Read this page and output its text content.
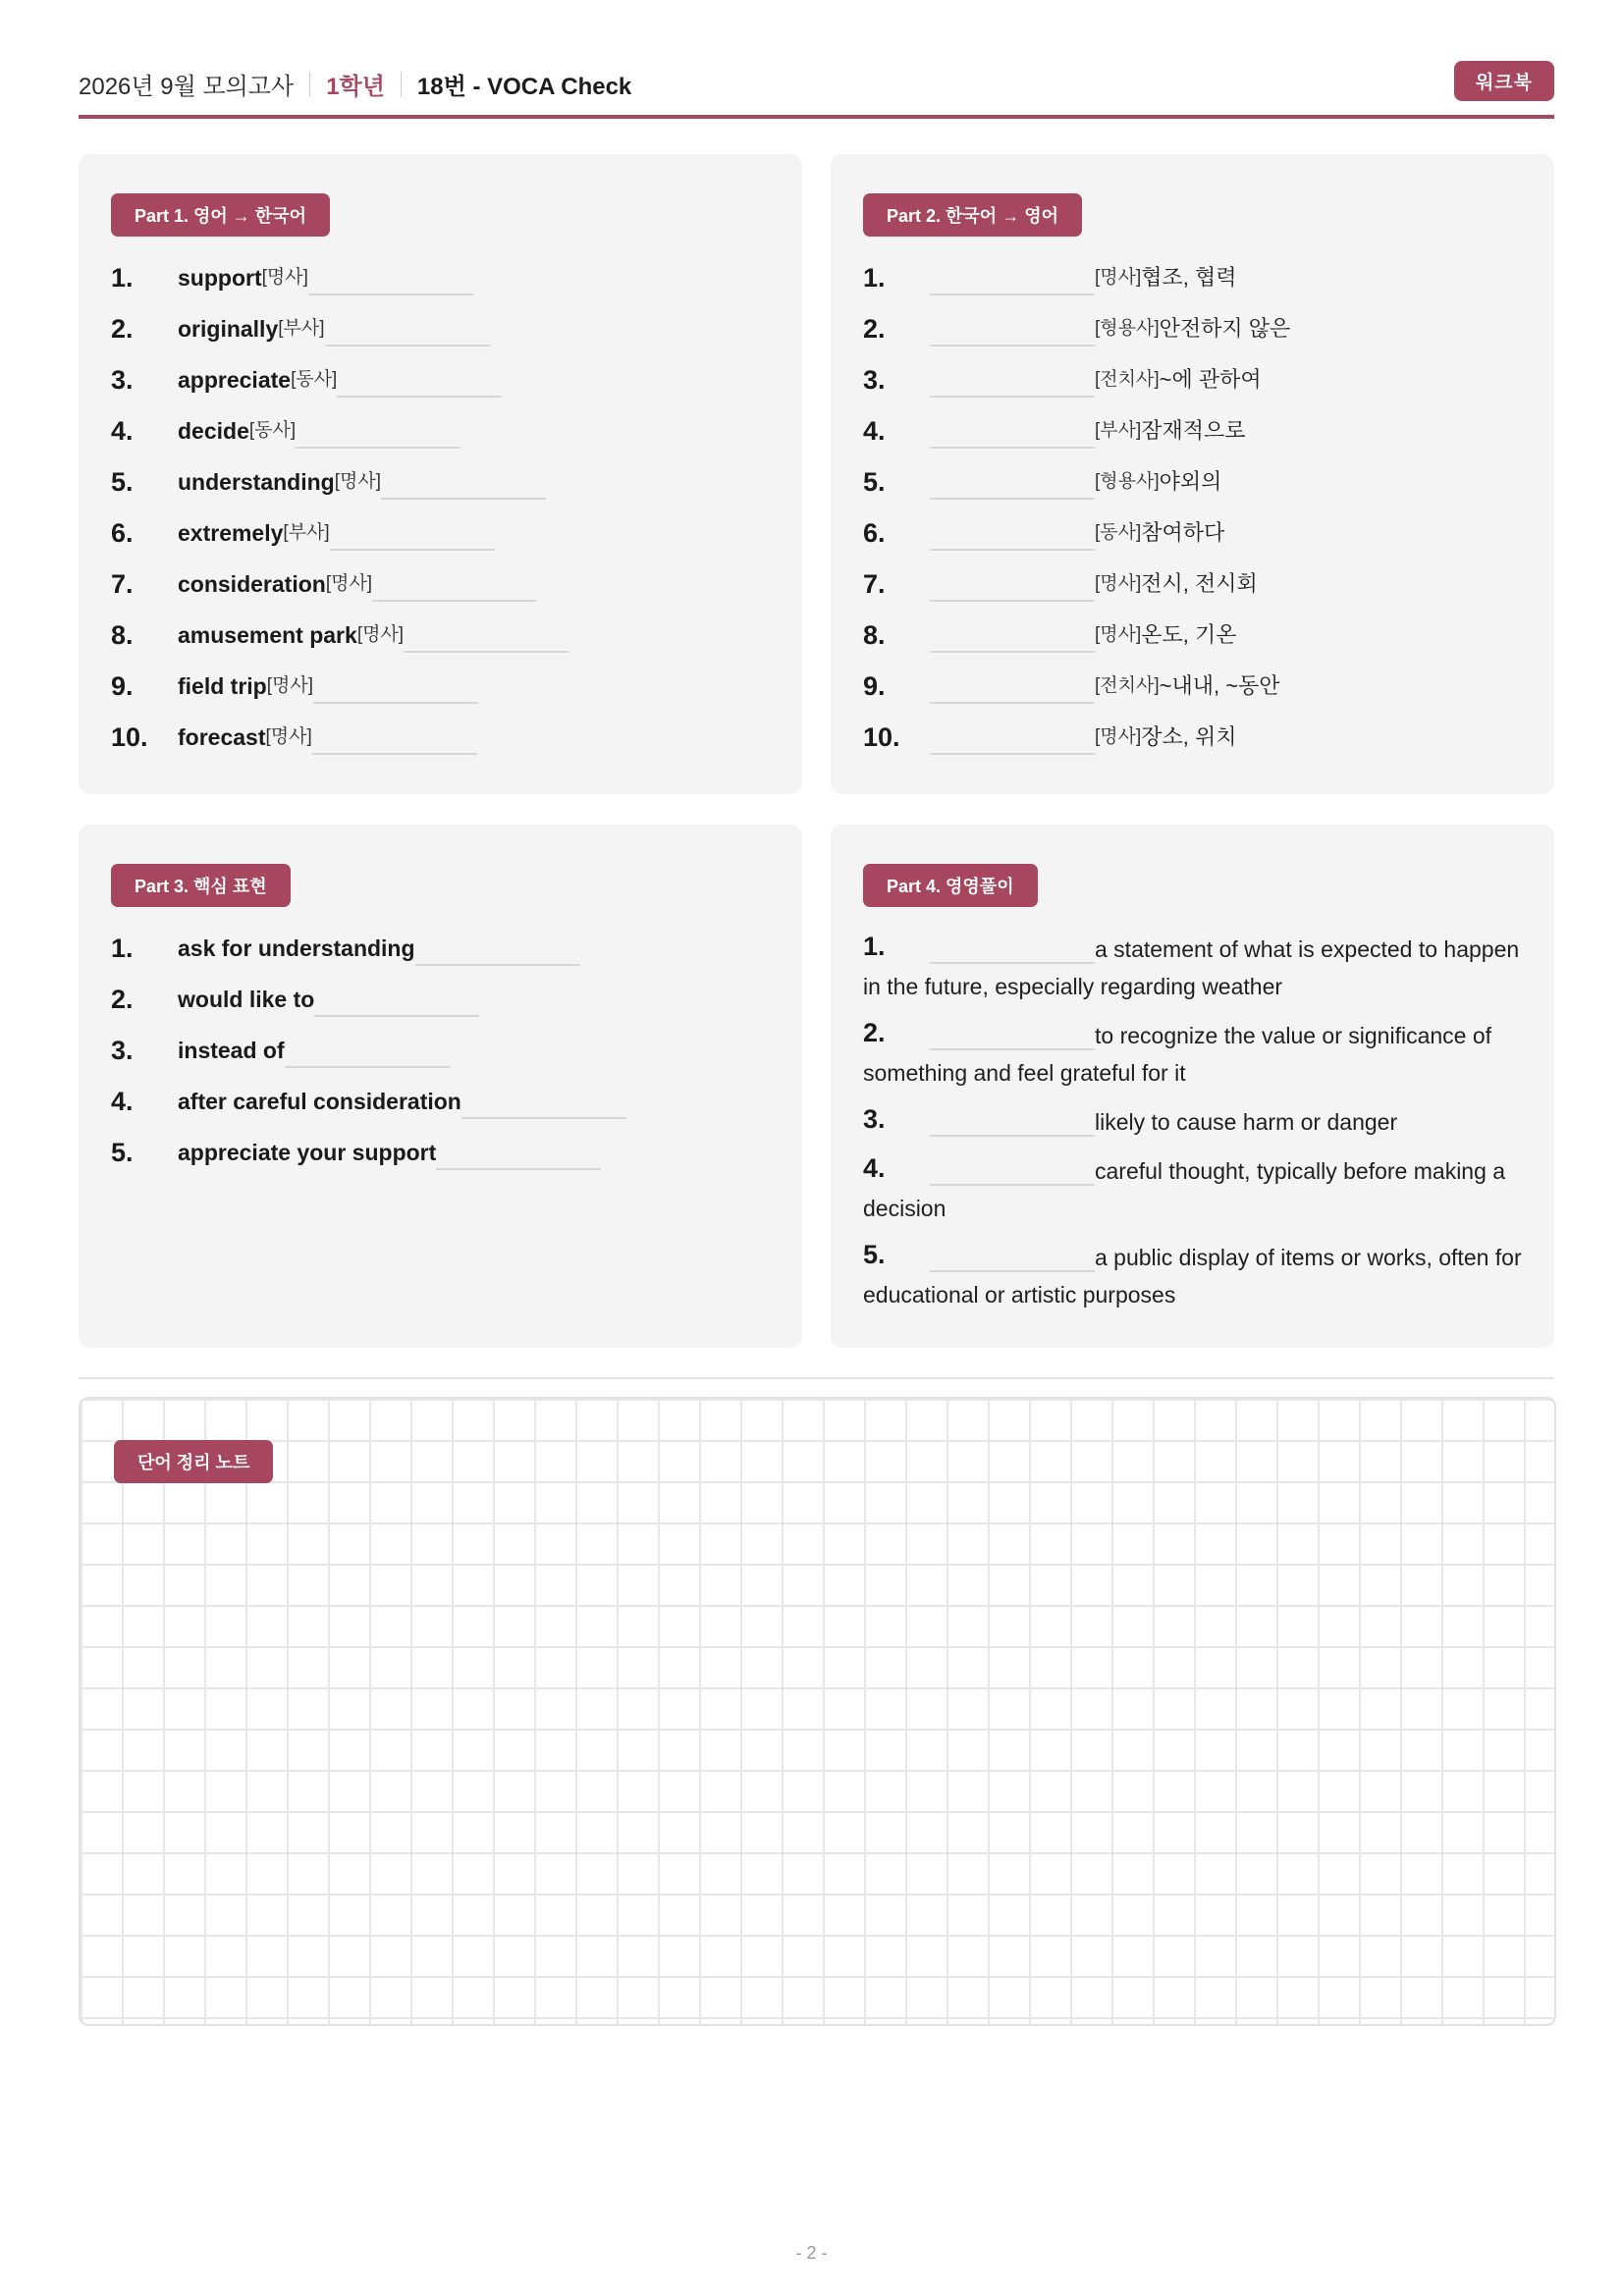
2026년 9월 모의고사 1학년 18번 - VOCA Check	워크북
Part 1. 영어 → 한국어
1.	support [명사]
2.	originally [부사]
3.	appreciate [동사]
4.	decide [동사]
5.	understanding [명사]
6.	extremely [부사]
7.	consideration [명사]
8.	amusement park [명사]
9.	field trip [명사]
10.	forecast [명사]
Part 2. 한국어 → 영어
1.	[명사] 협조, 협력
2.	[형용사] 안전하지 않은
3.	[전치사] ~에 관하여
4.	[부사] 잠재적으로
5.	[형용사] 야외의
6.	[동사] 참여하다
7.	[명사] 전시, 전시회
8.	[명사] 온도, 기온
9.	[전치사] ~내내, ~동안
10.	[명사] 장소, 위치
Part 3. 핵심 표현
1.	ask for understanding
2.	would like to
3.	instead of
4.	after careful consideration
5.	appreciate your support
Part 4. 영영풀이
1.	a statement of what is expected to happen in the future, especially regarding weather
2.	to recognize the value or significance of something and feel grateful for it
3.	likely to cause harm or danger
4.	careful thought, typically before making a decision
5.	a public display of items or works, often for educational or artistic purposes
단어 정리 노트
- 2 -
